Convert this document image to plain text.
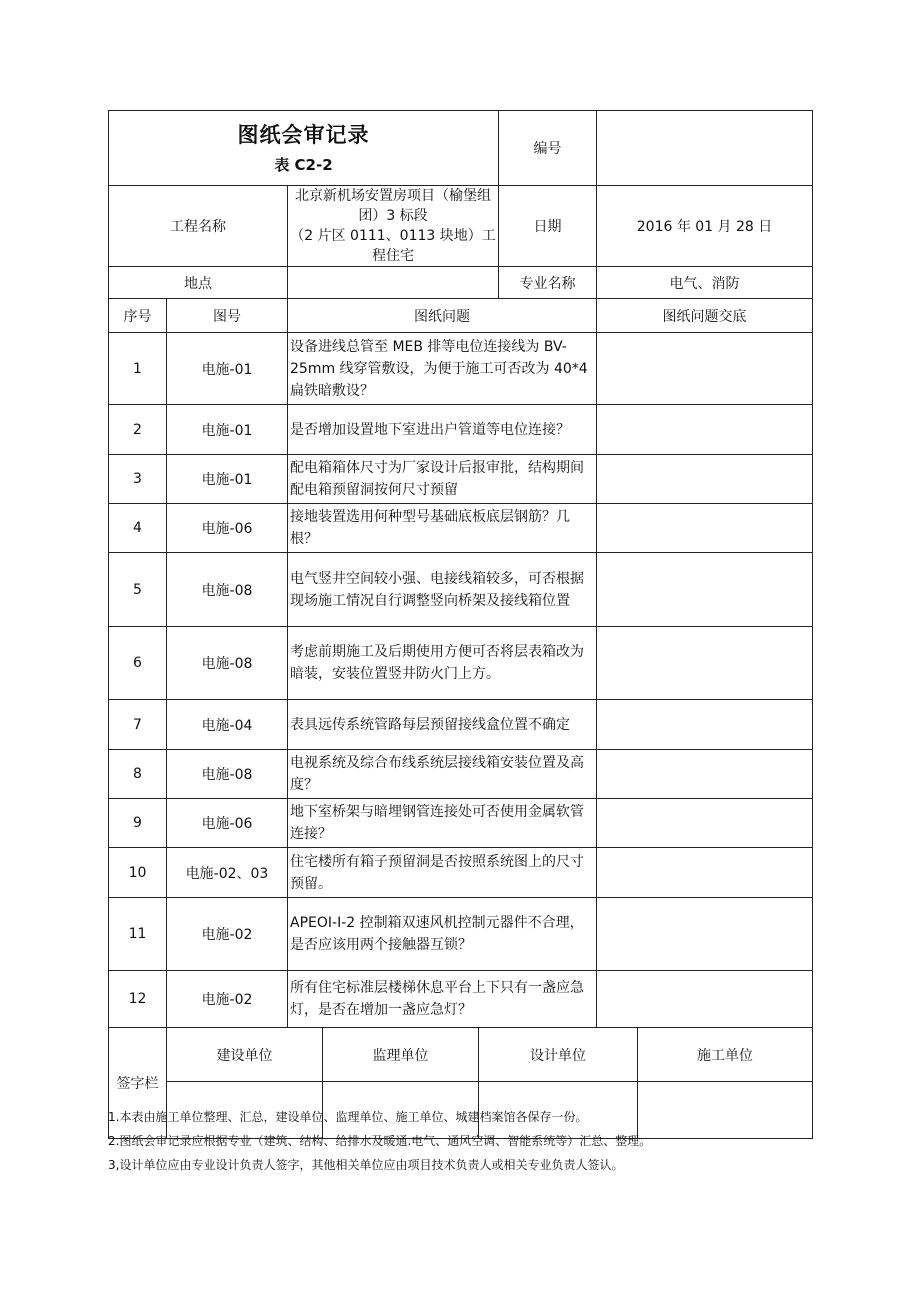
图纸会审记录
表 C2-2			编号	
工程名称		北京新机场安置房项目（榆堡组团）3 标段
（2 片区 0111、0113 块地）工程住宅	日期	2016 年 01 月 28 日
地点			专业名称	电气、消防
序号	图号	图纸问题		图纸问题交底
1	电施-01	设备进线总管至 MEB 排等电位连接线为 BV-25mm 线穿管敷设，为便于施工可否改为 40*4 扁铁暗敷设？		
2	电施-01	是否增加设置地下室进出户管道等电位连接？		
3	电施-01	配电箱箱体尺寸为厂家设计后报审批，结构期间配电箱预留洞按何尺寸预留		
4	电施-06	接地装置选用何种型号基础底板底层钢筋？几根？		
5	电施-08	电气竖井空间较小强、电接线箱较多，可否根据现场施工情况自行调整竖向桥架及接线箱位置		
6	电施-08	考虑前期施工及后期使用方便可否将层表箱改为暗装，安装位置竖井防火门上方。		
7	电施-04	表具远传系统管路每层预留接线盒位置不确定		
8	电施-08	电视系统及综合布线系统层接线箱安装位置及高度？		
9	电施-06	地下室桥架与暗埋钢管连接处可否使用金属软管连接？		
10	电施-02、03	住宅楼所有箱子预留洞是否按照系统图上的尺寸预留。		
11	电施-02	APEOI-I-2 控制箱双速风机控制元器件不合理，是否应该用两个接触器互锁？		
12	电施-02	所有住宅标准层楼梯休息平台上下只有一盏应急灯，是否在增加一盏应急灯？		
签字栏	建设单位	监理单位	设计单位	施工单位

1.本表由施工单位整理、汇总，建设单位、监理单位、施工单位、城建档案馆各保存一份。
2.图纸会审记录应根据专业（建筑、结构、给排水及暖通.电气、通风空调、智能系统等）汇总、整理。
3,设计单位应由专业设计负责人签字，其他相关单位应由项目技术负责人或相关专业负责人签认。
